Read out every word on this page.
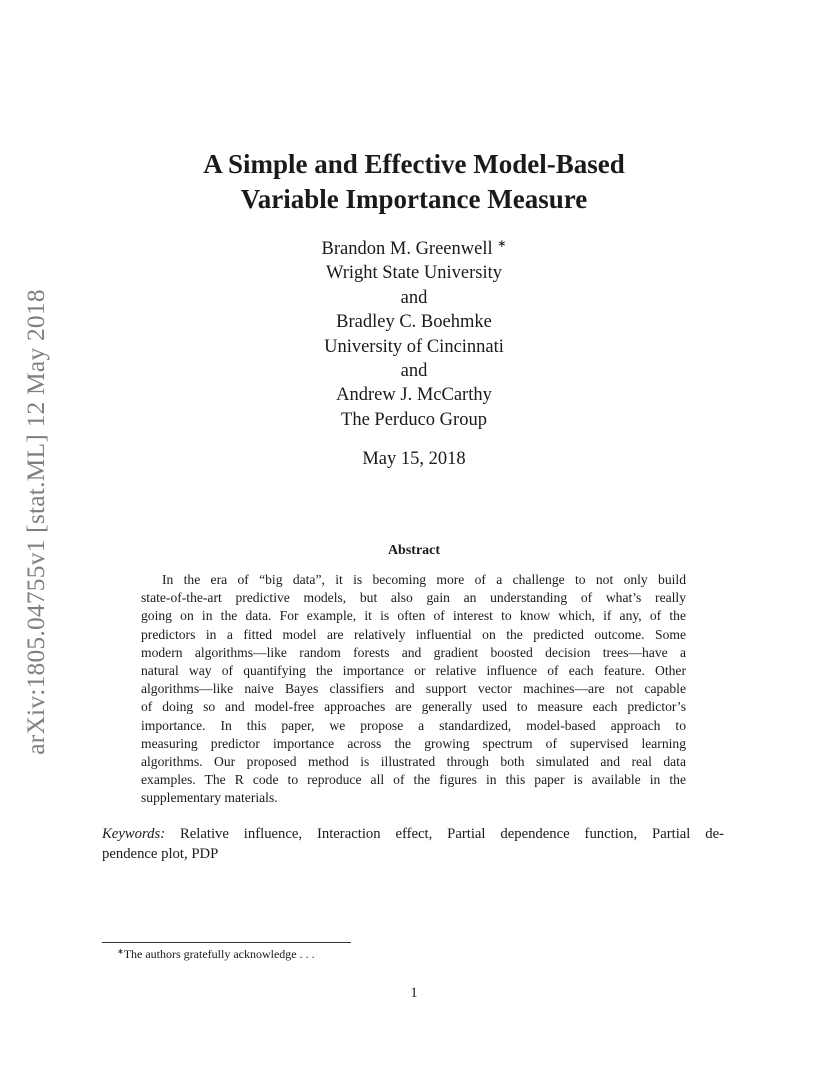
arXiv:1805.04755v1 [stat.ML] 12 May 2018
A Simple and Effective Model-Based
Variable Importance Measure
Brandon M. Greenwell ∗
Wright State University
and
Bradley C. Boehmke
University of Cincinnati
and
Andrew J. McCarthy
The Perduco Group
May 15, 2018
Abstract
In the era of “big data”, it is becoming more of a challenge to not only build
state-of-the-art predictive models, but also gain an understanding of what’s really
going on in the data. For example, it is often of interest to know which, if any, of the
predictors in a fitted model are relatively influential on the predicted outcome. Some
modern algorithms—like random forests and gradient boosted decision trees—have a
natural way of quantifying the importance or relative influence of each feature. Other
algorithms—like naive Bayes classifiers and support vector machines—are not capable
of doing so and model-free approaches are generally used to measure each predictor’s
importance. In this paper, we propose a standardized, model-based approach to
measuring predictor importance across the growing spectrum of supervised learning
algorithms. Our proposed method is illustrated through both simulated and real data
examples. The R code to reproduce all of the figures in this paper is available in the
supplementary materials.
Keywords: Relative influence, Interaction effect, Partial dependence function, Partial de-
pendence plot, PDP
∗The authors gratefully acknowledge . . .
1
